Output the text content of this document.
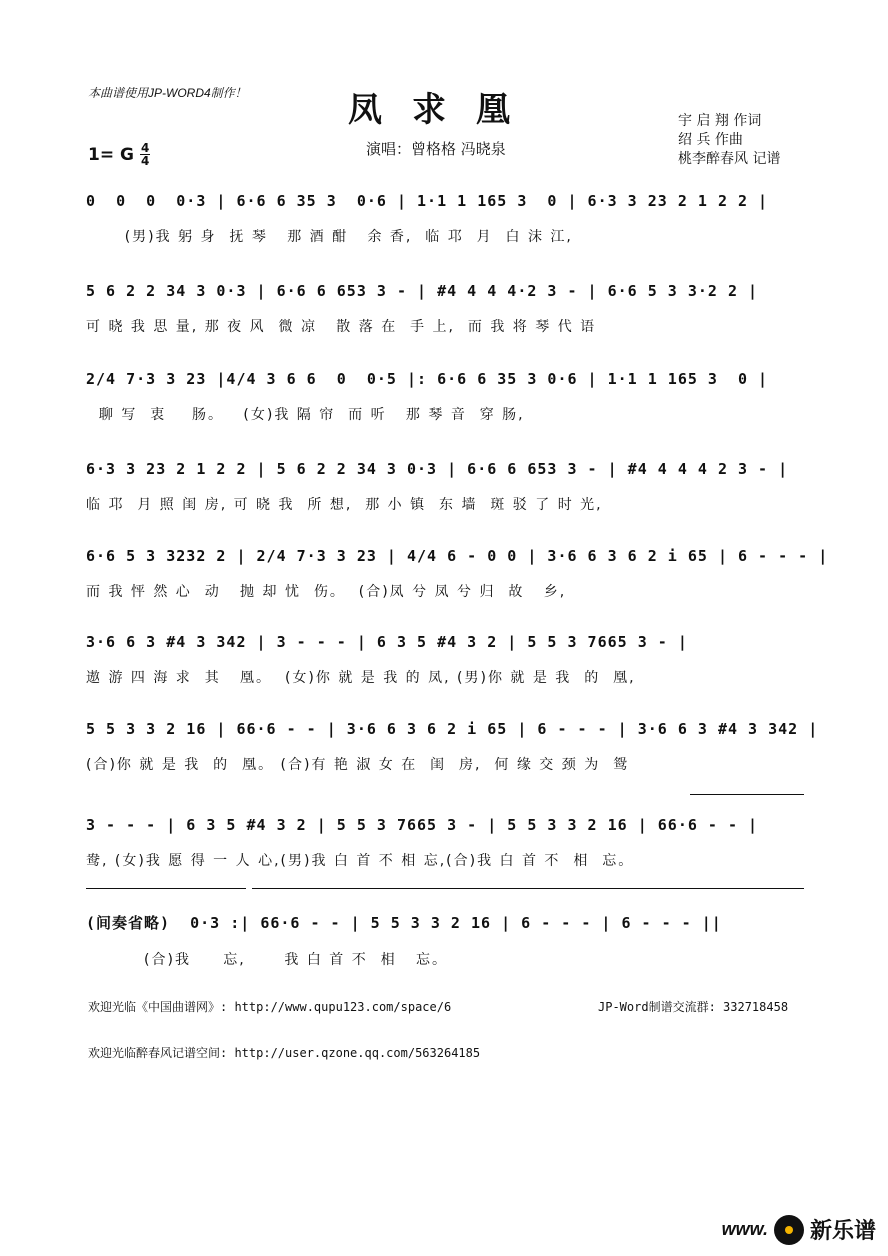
本曲谱使用JP-WORD4制作！	凤求凰	宇 启 翔 作词
绍 兵 作曲
桃李醉春风 记谱
1= G $\frac{4}{4}$	演唱：曾格格 冯晓泉
0  0  0  0·3 | 6·6 6 35 3  0·6 | 1·1 1 165 3  0 | 6·3 3 23 2 1 2 2 |
(男)我 躬 身  抚 琴   那 酒 酣   余 香,  临 邛  月  白 沫 江,
5 6 2 2 34 3 0·3 | 6·6 6 653 3 - | #4 4 4 4·2 3 - | 6·6 5 3 3·2 2 |
可 晓 我 思 量, 那 夜 风  微 凉   散 落 在  手 上,  而 我 将 琴 代 语
2/4 7·3 3 23 |4/4 3 6 6  0  0·5 |: 6·6 6 35 3 0·6 | 1·1 1 165 3  0 |
聊 写  衷    肠。   (女)我 隔 帘  而 听   那 琴 音  穿 肠,
6·3 3 23 2 1 2 2 | 5 6 2 2 34 3 0·3 | 6·6 6 653 3 - | #4 4 4 4 2 3 - |
临 邛  月 照 闺 房, 可 晓 我  所 想,  那 小 镇  东 墙  斑 驳 了 时 光,
6·6 5 3 3232 2 | 2/4 7·3 3 23 | 4/4 6 - 0 0 | 3·6 6 3 6 2 i 65 | 6 - - - |
而 我 怦 然 心  动   抛 却 忧  伤。  (合)凤 兮 凤 兮 归  故   乡,
3·6 6 3 #4 3 342 | 3 - - - | 6 3 5 #4 3 2 | 5 5 3 7665 3 - |
遨 游 四 海 求  其   凰。  (女)你 就 是 我 的 凤, (男)你 就 是 我  的  凰,
5 5 3 3 2 16 | 66·6 - - | 3·6 6 3 6 2 i 65 | 6 - - - | 3·6 6 3 #4 3 342 |
(合)你 就 是 我  的  凰。 (合)有 艳 淑 女 在  闺  房,  何 缘 交 颈 为  鸳
3 - - - | 6 3 5 #4 3 2 | 5 5 3 7665 3 - | 5 5 3 3 2 16 | 66·6 - - |
鸯, (女)我 愿 得 一 人 心,(男)我 白 首 不 相 忘,(合)我 白 首 不  相  忘。
(间奏省略)  0·3 :| 66·6 - - | 5 5 3 3 2 16 | 6 - - - | 6 - - - ||
(合)我     忘,      我 白 首 不  相   忘。
欢迎光临《中国曲谱网》: http://www.qupu123.com/space/6	JP-Word制谱交流群: 332718458
欢迎光临醉春风记谱空间: http://user.qzone.qq.com/563264185
www. 新乐谱
